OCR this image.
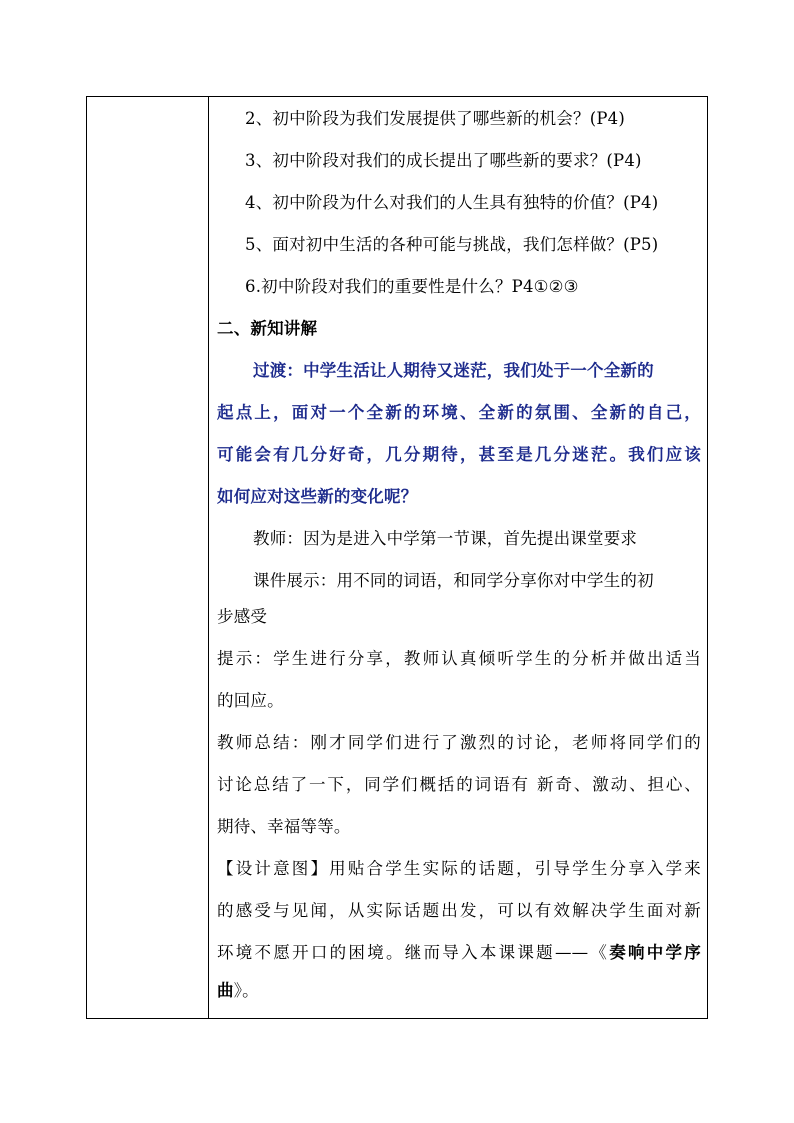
2、初中阶段为我们发展提供了哪些新的机会？(P4)
3、初中阶段对我们的成长提出了哪些新的要求？(P4)
4、初中阶段为什么对我们的人生具有独特的价值？(P4)
5、面对初中生活的各种可能与挑战，我们怎样做？(P5)
6.初中阶段对我们的重要性是什么？P4①②③
二、新知讲解
过渡：中学生活让人期待又迷茫，我们处于一个全新的
起点上，面对一个全新的环境、全新的氛围、全新的自己，
可能会有几分好奇，几分期待，甚至是几分迷茫。我们应该
如何应对这些新的变化呢？
教师：因为是进入中学第一节课，首先提出课堂要求
课件展示：用不同的词语，和同学分享你对中学生的初
步感受
提示：学生进行分享，教师认真倾听学生的分析并做出适当
的回应。
教师总结：刚才同学们进行了激烈的讨论，老师将同学们的
讨论总结了一下，同学们概括的词语有 新奇、激动、担心、
期待、幸福等等。
【设计意图】用贴合学生实际的话题，引导学生分享入学来
的感受与见闻，从实际话题出发，可以有效解决学生面对新
环境不愿开口的困境。继而导入本课课题——《奏响中学序
曲》。
